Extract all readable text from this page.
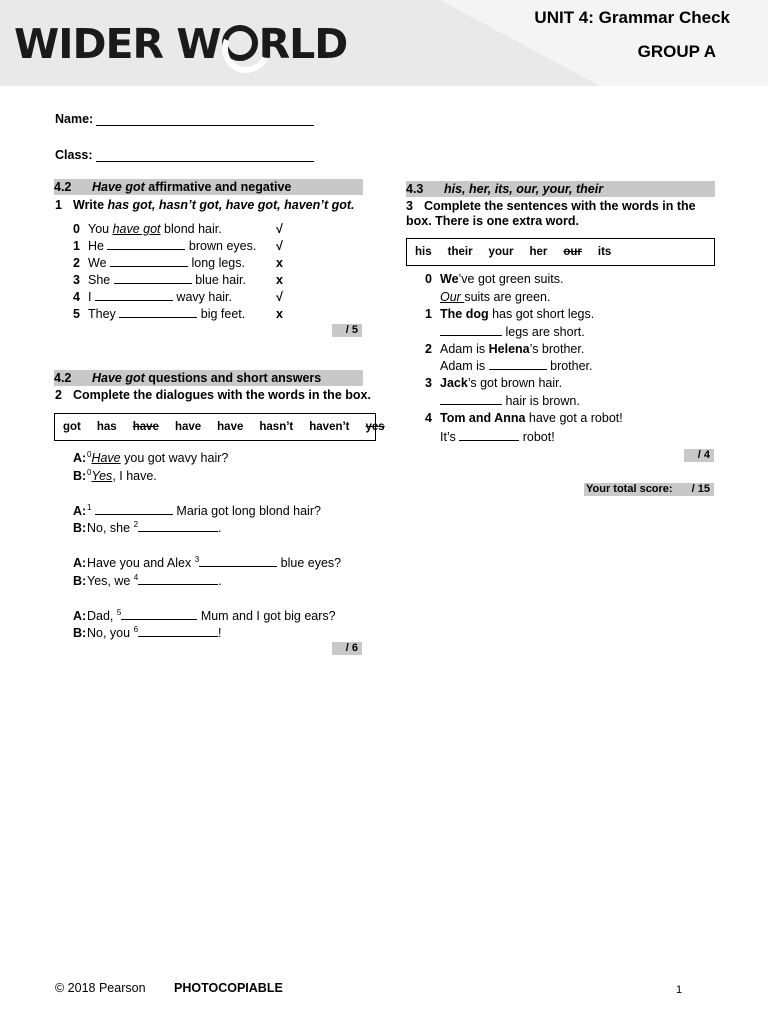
WIDER W RLD
UNIT 4: Grammar Check
GROUP A
Name:
Class:
4.2 Have got affirmative and negative
1 Write has got, hasn’t got, have got, haven’t got.
0 You have got blond hair.	√
1 He	brown eyes. √
2 We	long legs. x
3 She	blue hair. x
4 I	wavy hair.	√
5 They	big feet. x
/ 5
4.2 Have got questions and short answers
2 Complete the dialogues with the words in the box.
got has have have have hasn’t haven’t yes
A:$^0$Have you got wavy hair?
B:$^0$Yes, I have.
A:$^1$	Maria got long blond hair?
B:No, she $^2$	.
A:Have you and Alex $^3$	blue eyes?
B:Yes, we $^4$	.
A:Dad, $^5$	Mum and I got big ears?
B:No, you $^6$	!
/ 6
4.3 his, her, its, our, your, their
3 Complete the sentences with the words in the box. There is one extra word.
his their your her our its
0 We’ve got green suits.
Our suits are green.
1 The dog has got short legs.
legs are short.
2 Adam is Helena’s brother.
Adam is	brother.
3 Jack’s got brown hair.
hair is brown.
4 Tom and Anna have got a robot!
It’s	robot!
/ 4
Your total score: / 15
© 2018 Pearson PHOTOCOPIABLE	1
